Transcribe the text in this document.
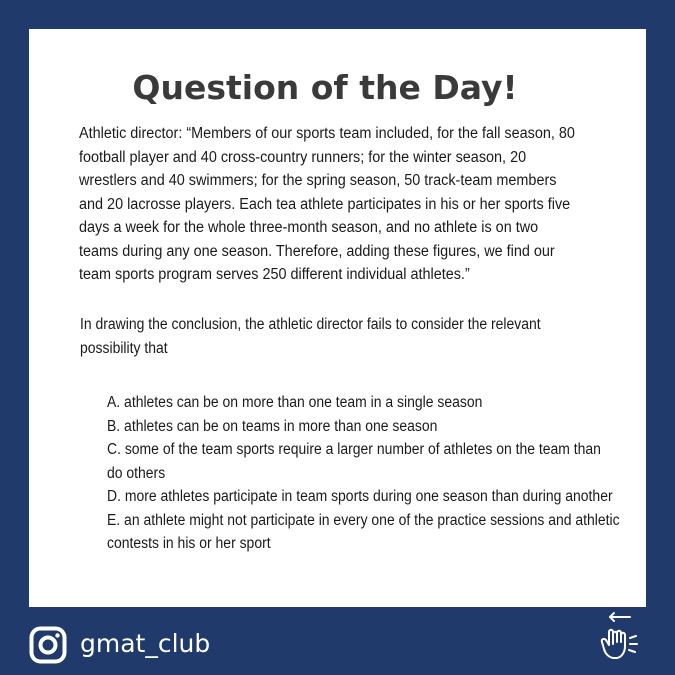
Question of the Day!

Athletic director: “Members of our sports team included, for the fall season, 80 football player and 40 cross-country runners; for the winter season, 20 wrestlers and 40 swimmers; for the spring season, 50 track-team members and 20 lacrosse players. Each tea athlete participates in his or her sports five days a week for the whole three-month season, and no athlete is on two teams during any one season. Therefore, adding these figures, we find our team sports program serves 250 different individual athletes.”

In drawing the conclusion, the athletic director fails to consider the relevant possibility that

A. athletes can be on more than one team in a single season
B. athletes can be on teams in more than one season
C. some of the team sports require a larger number of athletes on the team than do others
D. more athletes participate in team sports during one season than during another
E. an athlete might not participate in every one of the practice sessions and athletic contests in his or her sport
gmat_club
